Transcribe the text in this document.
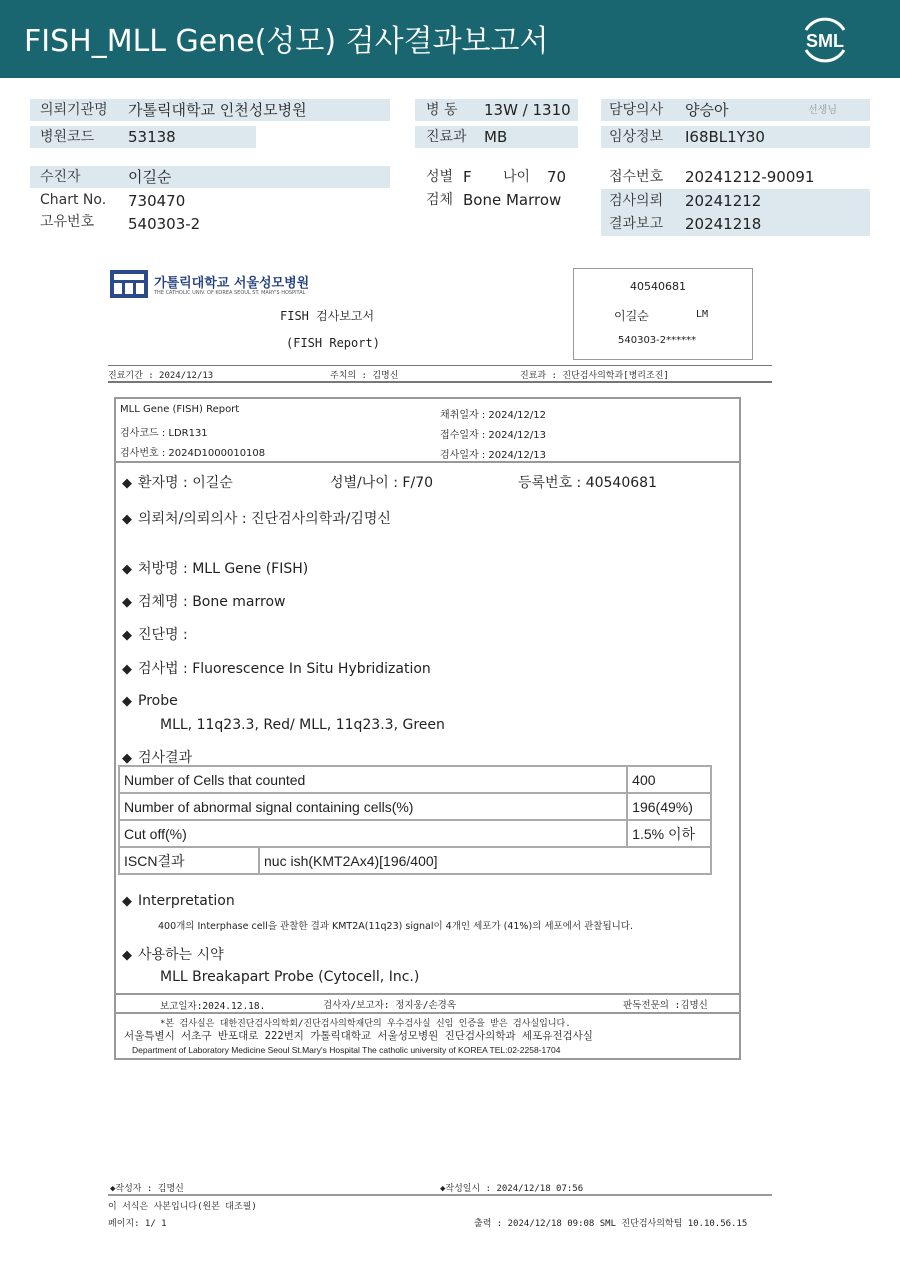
FISH_MLL Gene(성모) 검사결과보고서	SML
의뢰기관명 가톨릭대학교 인천성모병원
병원코드 53138
병 동 13W / 1310
진료과 MB
담당의사 양승아	선생님
임상정보 I68BL1Y30
수진자	이길순
Chart No. 730470
고유번호 540303-2
성별 F 나이 70
검체 Bone Marrow
접수번호 20241212-90091
검사의뢰 20241212
결과보고 20241218
가톨릭대학교 서울성모병원
THE CATHOLIC UNIV. OF KOREA SEOUL ST. MARY'S HOSPITAL
FISH 검사보고서
(FISH Report)
40540681
이길순	LM
540303-2******
진료기간 : 2024/12/13	주치의 : 김명신	진료과 : 진단검사의학과[병리조진]
MLL Gene (FISH) Report
검사코드 : LDR131
검사번호 : 2024D1000010108
채취일자 : 2024/12/12
접수일자 : 2024/12/13
검사일자 : 2024/12/13
◆ 환자명 : 이길순	성별/나이 : F/70	등록번호 : 40540681
◆ 의뢰처/의뢰의사 : 진단검사의학과/김명신
◆ 처방명 : MLL Gene (FISH)
◆ 검체명 : Bone marrow
◆ 진단명 :
◆ 검사법 : Fluorescence In Situ Hybridization
◆ Probe
MLL, 11q23.3, Red/ MLL, 11q23.3, Green
◆ 검사결과
Number of Cells that counted		400
Number of abnormal signal containing cells(%)		196(49%)
Cut off(%)		1.5% 이하
ISCN결과	nuc ish(KMT2Ax4)[196/400]	
◆ Interpretation
400개의 Interphase cell을 관찰한 결과 KMT2A(11q23) signal이 4개인 세포가 (41%)의 세포에서 관찰됩니다.
◆ 사용하는 시약
MLL Breakapart Probe (Cytocell, Inc.)
보고일자:2024.12.18.	검사자/보고자: 정지웅/손경옥	판독전문의 :김명신
*본 검사실은 대한진단검사의학회/진단검사의학재단의 우수검사실 신임 인증을 받은 검사실입니다.
서울특별시 서초구 반포대로 222번지 가톨릭대학교 서울성모병원 진단검사의학과 세포유전검사실
Department of Laboratory Medicine Seoul St.Mary's Hospital The catholic university of KOREA TEL:02-2258-1704
◆작성자 : 김명신	◆작성일시 : 2024/12/18 07:56
이 서식은 사본입니다(원본 대조필)
페이지: 1/ 1	출력 : 2024/12/18 09:08 SML 진단검사의학팀 10.10.56.15
